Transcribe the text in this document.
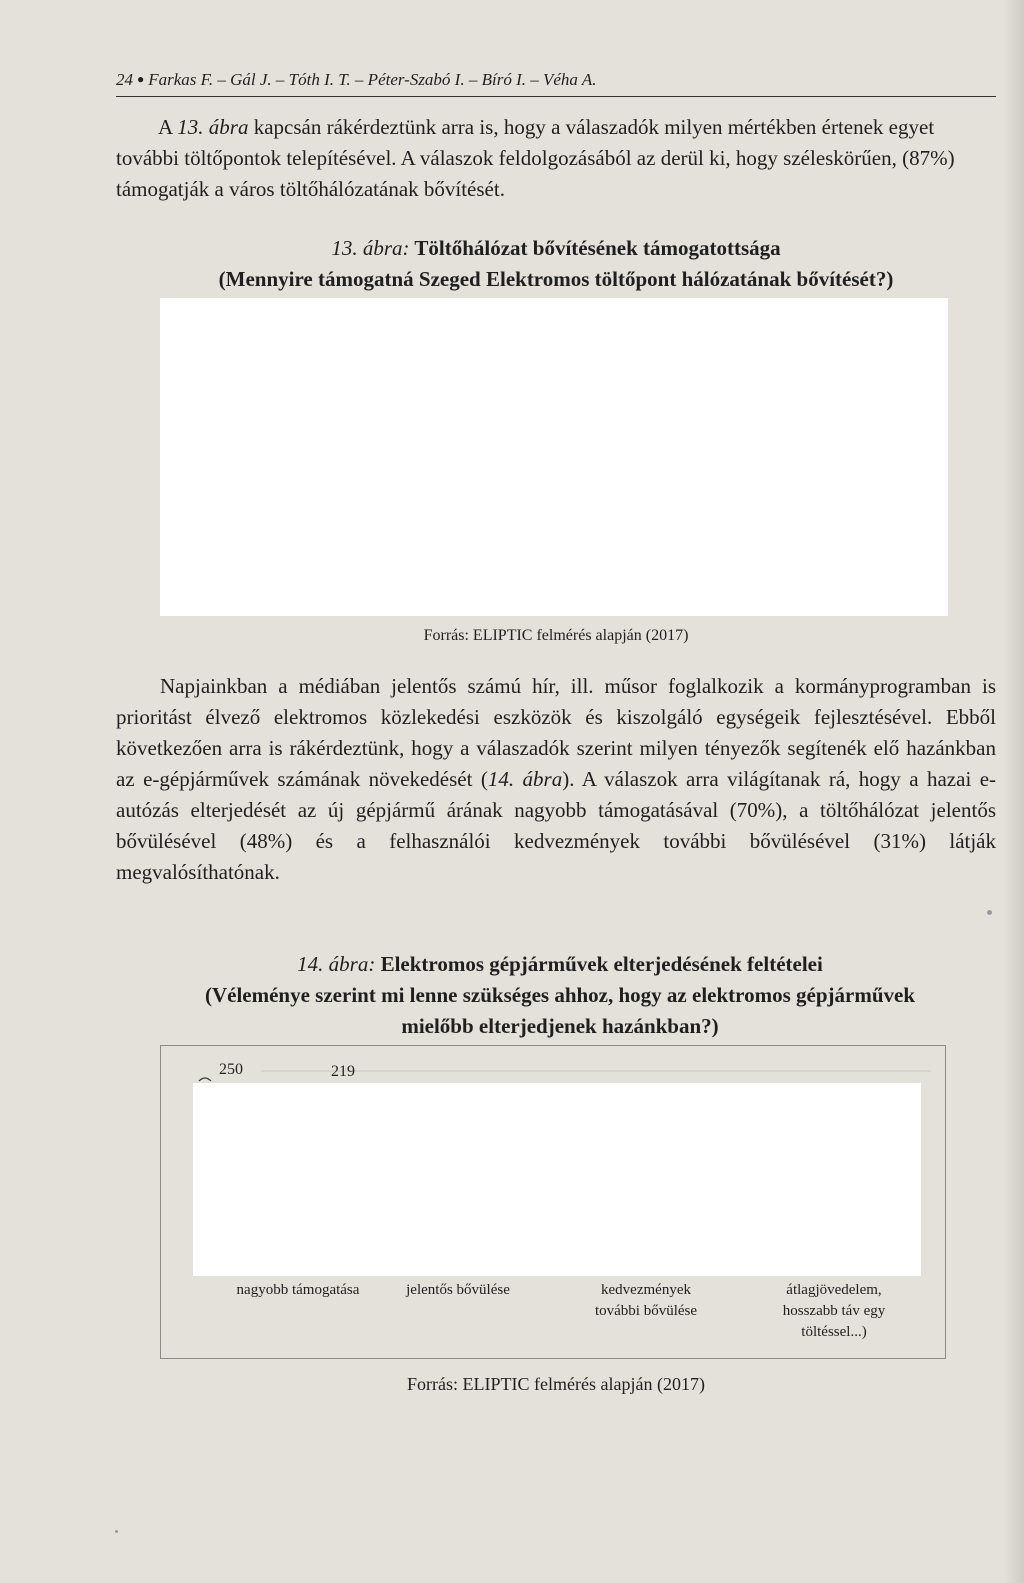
24 ● Farkas F. – Gál J. – Tóth I. T. – Péter-Szabó I. – Bíró I. – Véha A.

A 13. ábra kapcsán rákérdeztünk arra is, hogy a válaszadók milyen mértékben értenek egyet további töltőpontok telepítésével. A válaszok feldolgozásából az derül ki, hogy széleskörűen, (87%) támogatják a város töltőhálózatának bővítését.

13. ábra: Töltőhálózat bővítésének támogatottsága
(Mennyire támogatná Szeged Elektromos töltőpont hálózatának bővítését?)

Forrás: ELIPTIC felmérés alapján (2017)

Napjainkban a médiában jelentős számú hír, ill. műsor foglalkozik a kormányprogramban is prioritást élvező elektromos közlekedési eszközök és kiszolgáló egységeik fejlesztésével. Ebből következően arra is rákérdeztünk, hogy a válaszadók szerint milyen tényezők segítenék elő hazánkban az e-gépjárművek számának növekedését (14. ábra). A válaszok arra világítanak rá, hogy a hazai e-autózás elterjedését az új gépjármű árának nagyobb támogatásával (70%), a töltőhálózat jelentős bővülésével (48%) és a felhasználói kedvezmények további bővülésével (31%) látják megvalósíthatónak.

14. ábra: Elektromos gépjárművek elterjedésének feltételei
(Véleménye szerint mi lenne szükséges ahhoz, hogy az elektromos gépjárművek mielőbb elterjedjenek hazánkban?)

250	219
nagyobb támogatása	jelentős bővülése	kedvezmények további bővülése
átlagjövedelem, hosszabb táv egy töltéssel...)
Forrás: ELIPTIC felmérés alapján (2017)
